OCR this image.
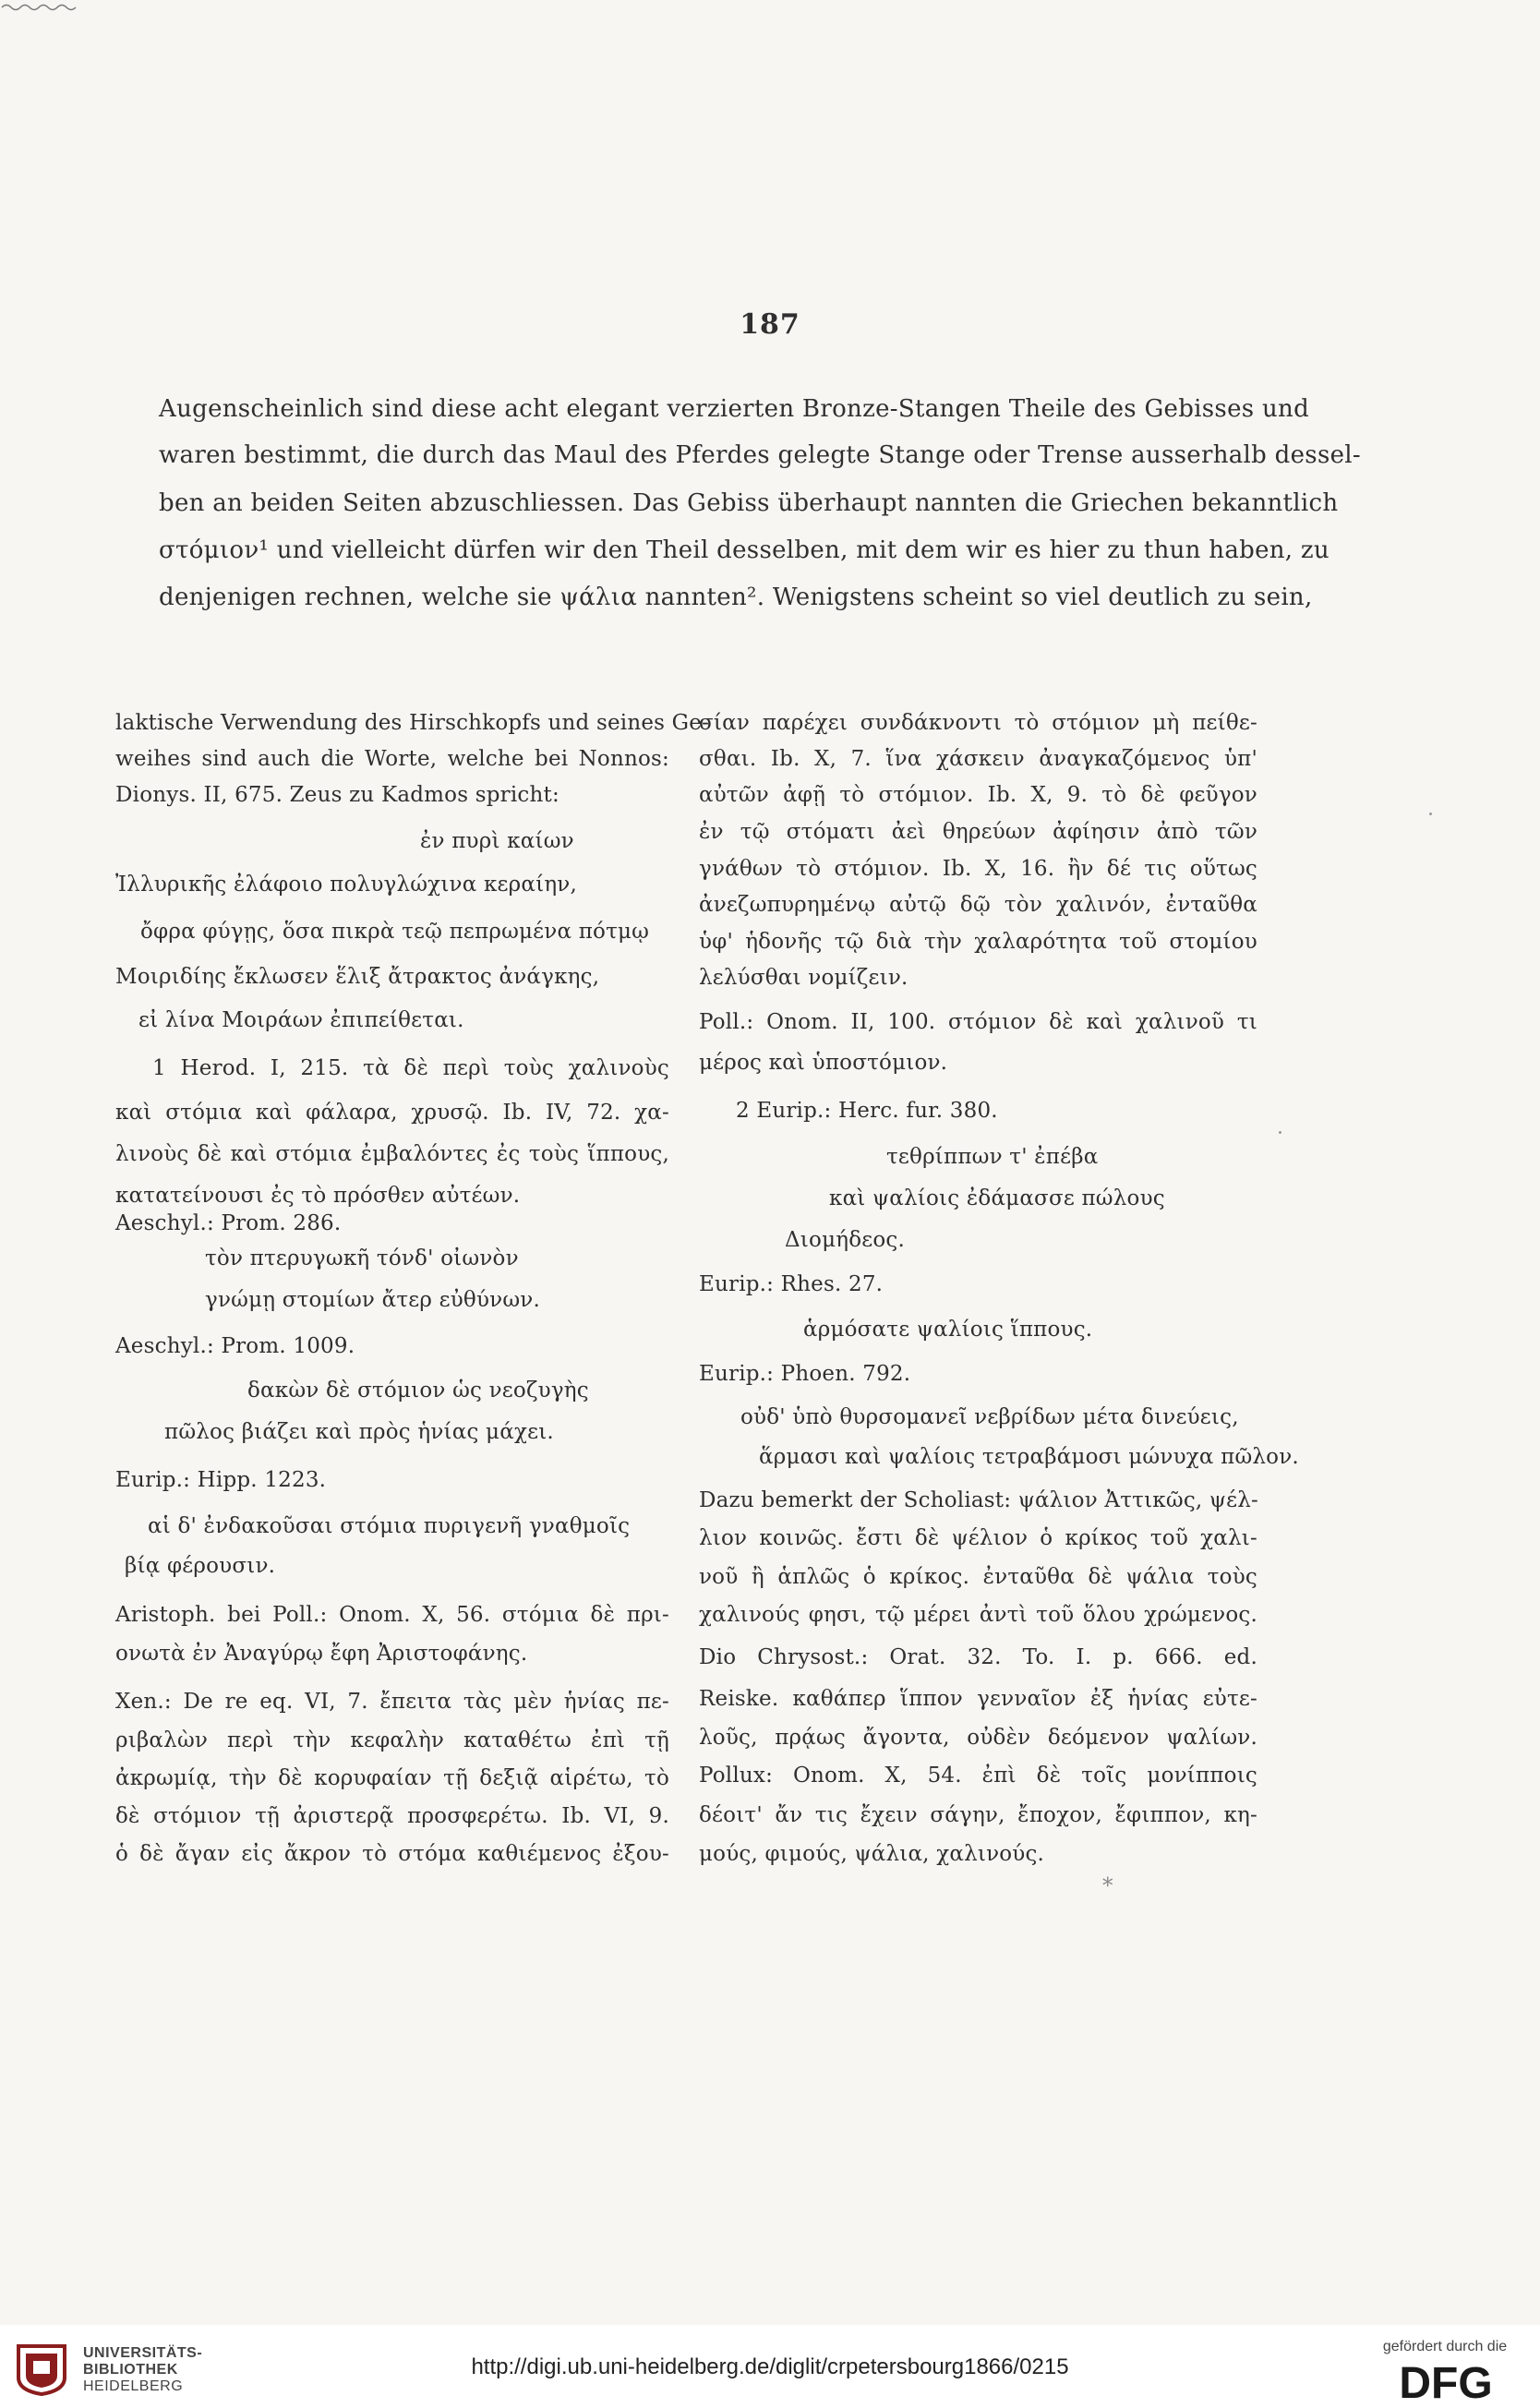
187
Augenscheinlich sind diese acht elegant verzierten Bronze-Stangen Theile des Gebisses und
waren bestimmt, die durch das Maul des Pferdes gelegte Stange oder Trense ausserhalb dessel-
ben an beiden Seiten abzuschliessen. Das Gebiss überhaupt nannten die Griechen bekanntlich
στόμιον¹ und vielleicht dürfen wir den Theil desselben, mit dem wir es hier zu thun haben, zu
denjenigen rechnen, welche sie ψάλια nannten². Wenigstens scheint so viel deutlich zu sein,
laktische Verwendung des Hirschkopfs und seines Ge-
weihes sind auch die Worte, welche bei Nonnos:
Dionys. II, 675. Zeus zu Kadmos spricht:
ἐν πυρὶ καίων
Ἰλλυρικῆς ἐλάφοιο πολυγλώχινα κεραίην,
ὄφρα φύγῃς, ὅσα πικρὰ τεῷ πεπρωμένα πότμῳ
Μοιριδίης ἔκλωσεν ἕλιξ ἄτρακτος ἀνάγκης,
εἰ λίνα Μοιράων ἐπιπείθεται.
1 Herod. I, 215. τὰ δὲ περὶ τοὺς χαλινοὺς
καὶ στόμια καὶ φάλαρα, χρυσῷ. Ib. IV, 72. χα-
λινοὺς δὲ καὶ στόμια ἐμβαλόντες ἐς τοὺς ἵππους,
κατατείνουσι ἐς τὸ πρόσθεν αὐτέων.
Aeschyl.: Prom. 286.
τὸν πτερυγωκῆ τόνδ' οἰωνὸν
γνώμῃ στομίων ἄτερ εὐθύνων.
Aeschyl.: Prom. 1009.
δακὼν δὲ στόμιον ὡς νεοζυγὴς
πῶλος βιάζει καὶ πρὸς ἡνίας μάχει.
Eurip.: Hipp. 1223.
αἱ δ' ἐνδακοῦσαι στόμια πυριγενῆ γναθμοῖς
βίᾳ φέρουσιν.
Aristoph. bei Poll.: Onom. X, 56. στόμια δὲ πρι-
ονωτὰ ἐν Ἀναγύρῳ ἔφη Ἀριστοφάνης.
Xen.: De re eq. VI, 7. ἔπειτα τὰς μὲν ἡνίας πε-
ριβαλὼν περὶ τὴν κεφαλὴν καταθέτω ἐπὶ τῇ
ἀκρωμίᾳ, τὴν δὲ κορυφαίαν τῇ δεξιᾷ αἱρέτω, τὸ
δὲ στόμιον τῇ ἀριστερᾷ προσφερέτω. Ib. VI, 9.
ὁ δὲ ἄγαν εἰς ἄκρον τὸ στόμα καθιέμενος ἐξου-
σίαν παρέχει συνδάκνοντι τὸ στόμιον μὴ πείθε-
σθαι. Ib. X, 7. ἵνα χάσκειν ἀναγκαζόμενος ὑπ'
αὐτῶν ἀφῇ τὸ στόμιον. Ib. X, 9. τὸ δὲ φεῦγον
ἐν τῷ στόματι ἀεὶ θηρεύων ἀφίησιν ἀπὸ τῶν
γνάθων τὸ στόμιον. Ib. X, 16. ἢν δέ τις οὕτως
ἀνεζωπυρημένῳ αὐτῷ δῷ τὸν χαλινόν, ἐνταῦθα
ὑφ' ἡδονῆς τῷ διὰ τὴν χαλαρότητα τοῦ στομίου
λελύσθαι νομίζειν.
Poll.: Onom. II, 100. στόμιον δὲ καὶ χαλινοῦ τι
μέρος καὶ ὑποστόμιον.
2 Eurip.: Herc. fur. 380.
τεθρίππων τ' ἐπέβα
καὶ ψαλίοις ἐδάμασσε πώλους
Διομήδεος.
Eurip.: Rhes. 27.
ἁρμόσατε ψαλίοις ἵππους.
Eurip.: Phoen. 792.
οὐδ' ὑπὸ θυρσομανεῖ νεβρίδων μέτα δινεύεις,
ἅρμασι καὶ ψαλίοις τετραβάμοσι μώνυχα πῶλον.
Dazu bemerkt der Scholiast: ψάλιον Ἀττικῶς, ψέλ-
λιον κοινῶς. ἔστι δὲ ψέλιον ὁ κρίκος τοῦ χαλι-
νοῦ ἢ ἁπλῶς ὁ κρίκος. ἐνταῦθα δὲ ψάλια τοὺς
χαλινούς φησι, τῷ μέρει ἀντὶ τοῦ ὅλου χρώμενος.
Dio Chrysost.: Orat. 32. To. I. p. 666. ed.
Reiske. καθάπερ ἵππον γενναῖον ἐξ ἡνίας εὐτε-
λοῦς, πρᾴως ἄγοντα, οὐδὲν δεόμενον ψαλίων.
Pollux: Onom. X, 54. ἐπὶ δὲ τοῖς μονίπποις
δέοιτ' ἄν τις ἔχειν σάγην, ἔποχον, ἔφιππον, κη-
μούς, φιμούς, ψάλια, χαλινούς.
*
UNIVERSITÄTS-
BIBLIOTHEK
HEIDELBERG
http://digi.ub.uni-heidelberg.de/diglit/crpetersbourg1866/0215
gefördert durch die
DFG
